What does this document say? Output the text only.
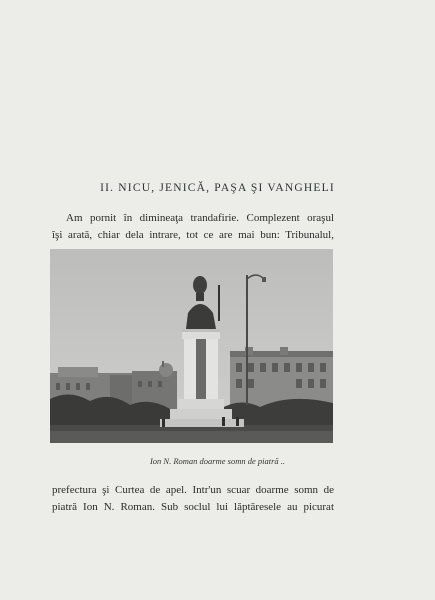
II. NICU, JENICĂ, PAŞA ŞI VANGHELI
Am pornit în dimineaţa trandafirie. Complezent oraşul
îşi arată, chiar dela intrare, tot ce are mai bun: Tribunalul,
Ion N. Roman doarme somn de piatră ..
prefectura şi Curtea de apel. Intr'un scuar doarme somn de
piatră Ion N. Roman. Sub soclul lui lăptăresele au picurat
